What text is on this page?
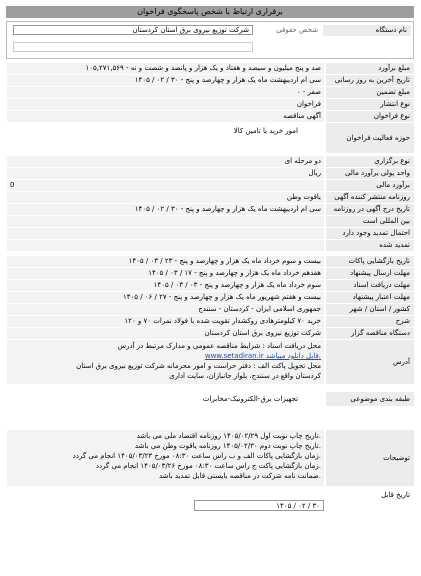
برقراری ارتباط با شخص پاسخگوی فراخوان
نام دستگاه
شخص حقوقی
شرکت توزیع نیروی برق استان کردستان
مبلغ برآورد
۱۰۵,۲۷۱,۵۶۹ - صد و پنج میلیون و سیصد و هفتاد و یک هزار و پانصد و شصت و نه
تاریخ آخرین به روز رسانی
۱۴۰۵ / ۰۲ / ۳۰ - سی ام اردیبهشت ماه یک هزار و چهارصد و پنج
مبلغ تضمین
۰ - صفر
نوع انتشار
فراخوان
نوع فراخوان
آگهی مناقصه
حوزه فعالیت فراخوان
امور خرید یا تامین کالا
نوع برگزاری
دو مرحله ای
واحد پولی برآورد مالی
ریال
برآورد مالی
0
روزنامه منتشر کننده آگهی
یاقوت وطن
تاریخ درج آگهی در روزنامه
۱۴۰۵ / ۰۲ / ۳۰ - سی ام اردیبهشت ماه یک هزار و چهارصد و پنج
بین المللی است
احتمال تمدید وجود دارد
تمدید شده
تاریخ بازگشایی پاکات
۱۴۰۵ / ۰۳ / ۲۳ - بیست و سوم خرداد ماه یک هزار و چهارصد و پنج
مهلت ارسال پیشنهاد
۱۴۰۵ / ۰۳ / ۱۷ - هفدهم خرداد ماه یک هزار و چهارصد و پنج
مهلت دریافت اسناد
۱۴۰۵ / ۰۳ / ۰۳ - سوم خرداد ماه یک هزار و چهارصد و پنج
مهلت اعتبار پیشنهاد
۱۴۰۵ / ۰۶ / ۲۷ - بیست و هفتم شهریور ماه یک هزار و چهارصد و پنج
کشور / استان / شهر
جمهوری اسلامی ایران - کردستان - سنندج
شرح
خرید ۷۰ کیلومترهادی روکشدار تقویت شده با فولاد نمرات ۷۰ و ۱۲۰
دستگاه مناقصه گزار
شرکت توزیع نیروی برق استان کردستان
آدرس
محل دریافت اسناد : شرایط مناقصه عمومی و مدارک مرتبط در آدرس
www.setadiran.ir قابل دانلود میباشد.
محل تحویل پاکت الف : دفتر حراست و امور محرمانه شرکت توزیع نیروی برق استان
کردستان واقع در سنندج، بلوار جانبازان، سایت اداری
طبقه بندی موضوعی
تجهیزات برق-الکترونیک-مخابرات
توضیحات
تاریخ چاپ نوبت اول ۱۴۰۵/۰۲/۲۹ روزنامه اقتصاد ملی می باشد.
تاریخ چاپ نوبت دوم ۱۴۰۵/۰۲/۳۰ روزنامه یاقوت وطن می باشد.
زمان بازگشایی پاکات الف و ب راس ساعت ۰۸:۳۰ مورخ ۱۴۰۵/۰۳/۲۳ انجام می گردد.
زمان بازگشایی پاکت ج راس ساعت ۰۸:۳۰ مورخ ۱۴۰۵/۰۳/۲۶ انجام می گردد.
ضمانت نامه شرکت در مناقصه بایستی قابل تمدید باشد.
تاریخ قابل
۱۴۰۵ / ۰۲ / ۳۰
